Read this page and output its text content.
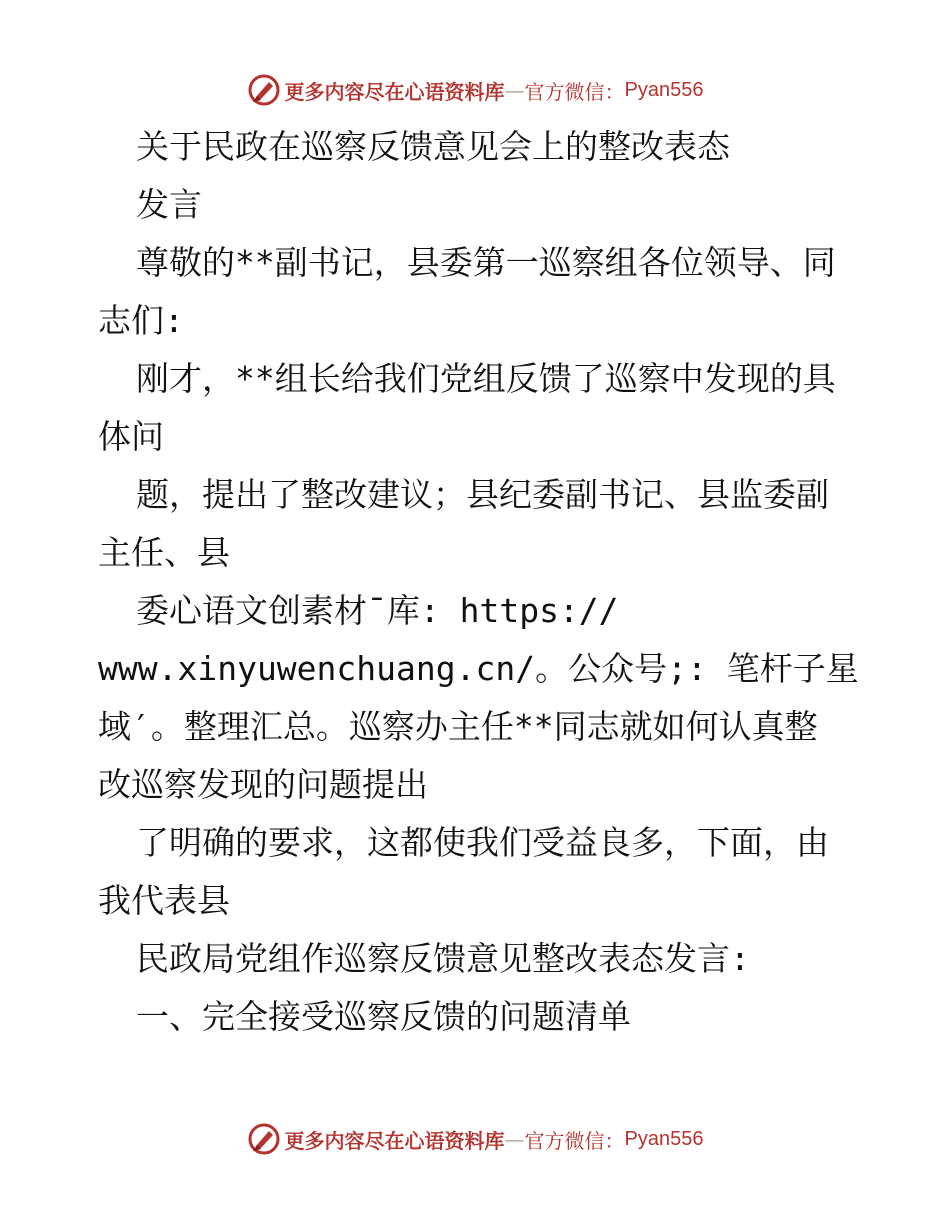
更多内容尽在心语资料库 — 官方微信： Pyan556
关于民政在巡察反馈意见会上的整改表态
发言
尊敬的**副书记，县委第一巡察组各位领导、同
志们:
刚才，**组长给我们党组反馈了巡察中发现的具
体问
题，提出了整改建议；县纪委副书记、县监委副
主任、县
委心语文创素材¯库: https://
www.xinyuwenchuang.cn/。公众号;: 笔杆子星
域′。整理汇总。巡察办主任**同志就如何认真整
改巡察发现的问题提出
了明确的要求，这都使我们受益良多，下面，由
我代表县
民政局党组作巡察反馈意见整改表态发言:
一、完全接受巡察反馈的问题清单
更多内容尽在心语资料库 — 官方微信： Pyan556
